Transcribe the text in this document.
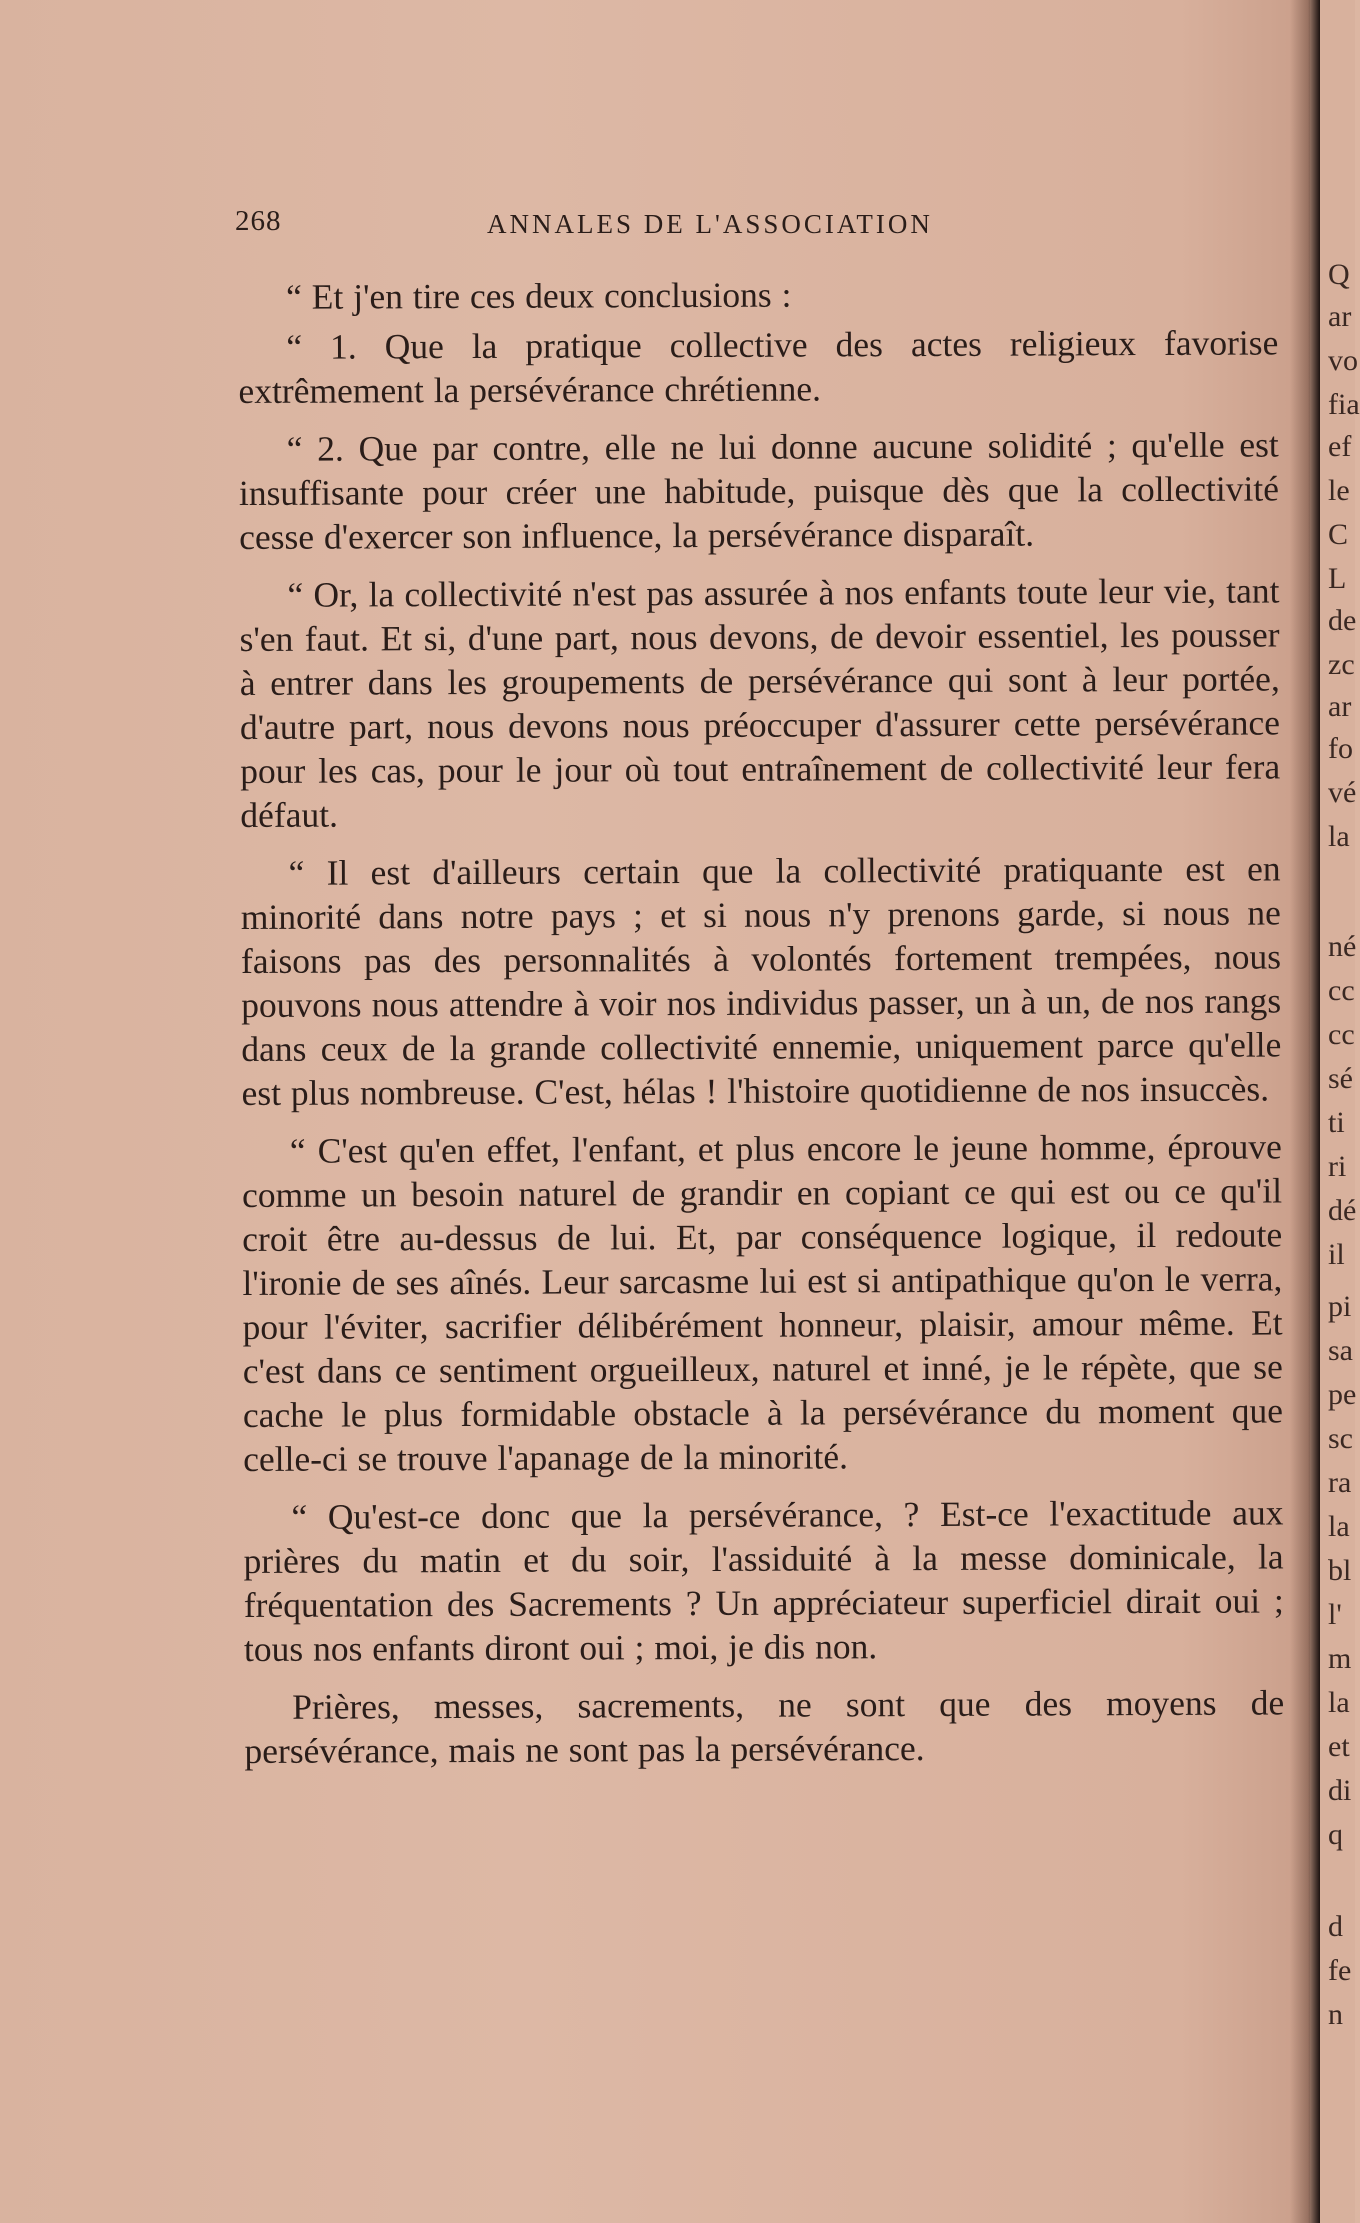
268	ANNALES DE L'ASSOCIATION

“ Et j'en tire ces deux conclusions :

“ 1. Que la pratique collective des actes religieux favorise extrêmement la persévérance chrétienne.

“ 2. Que par contre, elle ne lui donne aucune solidité ; qu'elle est insuffisante pour créer une habitude, puisque dès que la collectivité cesse d'exercer son influence, la persévérance disparaît.

“ Or, la collectivité n'est pas assurée à nos enfants toute leur vie, tant s'en faut. Et si, d'une part, nous devons, de devoir essentiel, les pousser à entrer dans les groupements de persévérance qui sont à leur portée, d'autre part, nous devons nous préoccuper d'assurer cette persévérance pour les cas, pour le jour où tout entraînement de collectivité leur fera défaut.

“ Il est d'ailleurs certain que la collectivité pratiquante est en minorité dans notre pays ; et si nous n'y prenons garde, si nous ne faisons pas des personnalités à volontés fortement trempées, nous pouvons nous attendre à voir nos individus passer, un à un, de nos rangs dans ceux de la grande collectivité ennemie, uniquement parce qu'elle est plus nombreuse. C'est, hélas ! l'histoire quotidienne de nos insuccès.

“ C'est qu'en effet, l'enfant, et plus encore le jeune homme, éprouve comme un besoin naturel de grandir en copiant ce qui est ou ce qu'il croit être au-dessus de lui. Et, par conséquence logique, il redoute l'ironie de ses aînés. Leur sarcasme lui est si antipathique qu'on le verra, pour l'éviter, sacrifier délibérément honneur, plaisir, amour même. Et c'est dans ce sentiment orgueilleux, naturel et inné, je le répète, que se cache le plus formidable obstacle à la persévérance du moment que celle-ci se trouve l'apanage de la minorité.

“ Qu'est-ce donc que la persévérance, ? Est-ce l'exactitude aux prières du matin et du soir, l'assiduité à la messe dominicale, la fréquentation des Sacrements ? Un appréciateur superficiel dirait oui ; tous nos enfants diront oui ; moi, je dis non.

Prières, messes, sacrements, ne sont que des moyens de persévérance, mais ne sont pas la persévérance.

Q
ar
vo
fia
ef
le
C
L
de
zc
ar
fo
vé
la
né
cc
cc
sé
ti
ri
dé
il
pi
sa
pe
sc
ra
la
bl
l'
m
la
et
di
q
d
fe
n
